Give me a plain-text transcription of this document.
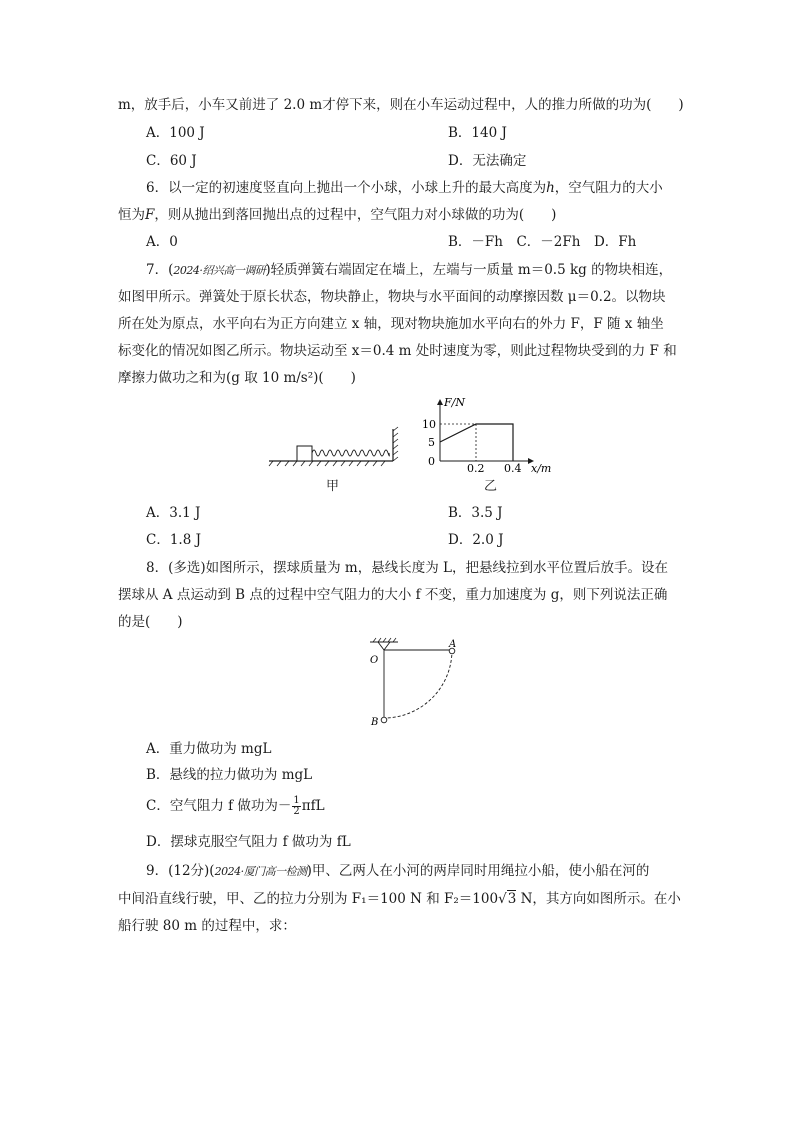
m，放手后，小车又前进了 2.0 m才停下来，则在小车运动过程中，人的推力所做的功为(　　)
A．100 J	B．140 J
C．60 J	D．无法确定
6．以一定的初速度竖直向上抛出一个小球，小球上升的最大高度为h，空气阻力的大小
恒为F，则从抛出到落回抛出点的过程中，空气阻力对小球做的功为(　　)
A．0	B．－Fh　C．－2Fh　D．Fh
7．(2024·绍兴高一调研)轻质弹簧右端固定在墙上，左端与一质量 m＝0.5 kg 的物块相连，
如图甲所示。弹簧处于原长状态，物块静止，物块与水平面间的动摩擦因数 μ＝0.2。以物块
所在处为原点，水平向右为正方向建立 x 轴，现对物块施加水平向右的外力 F，F 随 x 轴坐
标变化的情况如图乙所示。物块运动至 x＝0.4 m 处时速度为零，则此过程物块受到的力 F 和
摩擦力做功之和为(g 取 10 m/s²)(　　)
甲
F/N
10
5
0
0.2 0.4 x/m
乙
A．3.1 J	B．3.5 J
C．1.8 J	D．2.0 J
8．(多选)如图所示，摆球质量为 m，悬线长度为 L，把悬线拉到水平位置后放手。设在
摆球从 A 点运动到 B 点的过程中空气阻力的大小 f 不变，重力加速度为 g，则下列说法正确
的是(　　)
O
A
B
A．重力做功为 mgL
B．悬线的拉力做功为 mgL
C．空气阻力 f 做功为－ $\frac{1}{2}$ πfL
D．摆球克服空气阻力 f 做功为 fL
9．(12分)(2024·厦门高一检测)甲、乙两人在小河的两岸同时用绳拉小船，使小船在河的
中间沿直线行驶，甲、乙的拉力分别为 F₁＝100 N 和 F₂＝100√3 N，其方向如图所示。在小
船行驶 80 m 的过程中，求：
